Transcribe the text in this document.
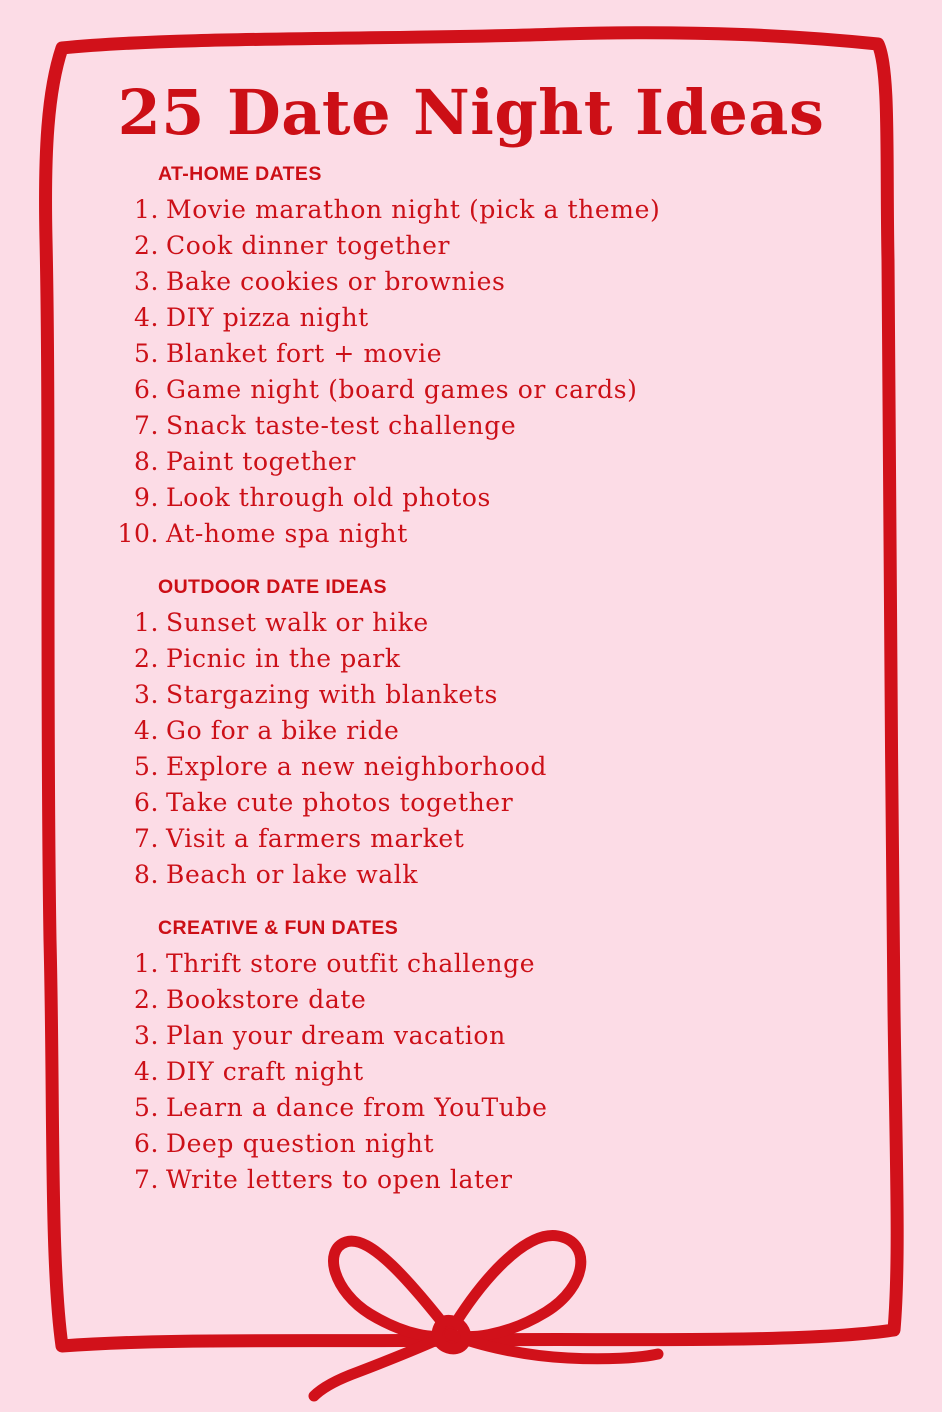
25 Date Night Ideas
AT-HOME DATES
1. Movie marathon night (pick a theme)
2. Cook dinner together
3. Bake cookies or brownies
4. DIY pizza night
5. Blanket fort + movie
6. Game night (board games or cards)
7. Snack taste-test challenge
8. Paint together
9. Look through old photos
10. At-home spa night
OUTDOOR DATE IDEAS
1. Sunset walk or hike
2. Picnic in the park
3. Stargazing with blankets
4. Go for a bike ride
5. Explore a new neighborhood
6. Take cute photos together
7. Visit a farmers market
8. Beach or lake walk
CREATIVE & FUN DATES
1. Thrift store outfit challenge
2. Bookstore date
3. Plan your dream vacation
4. DIY craft night
5. Learn a dance from YouTube
6. Deep question night
7. Write letters to open later
